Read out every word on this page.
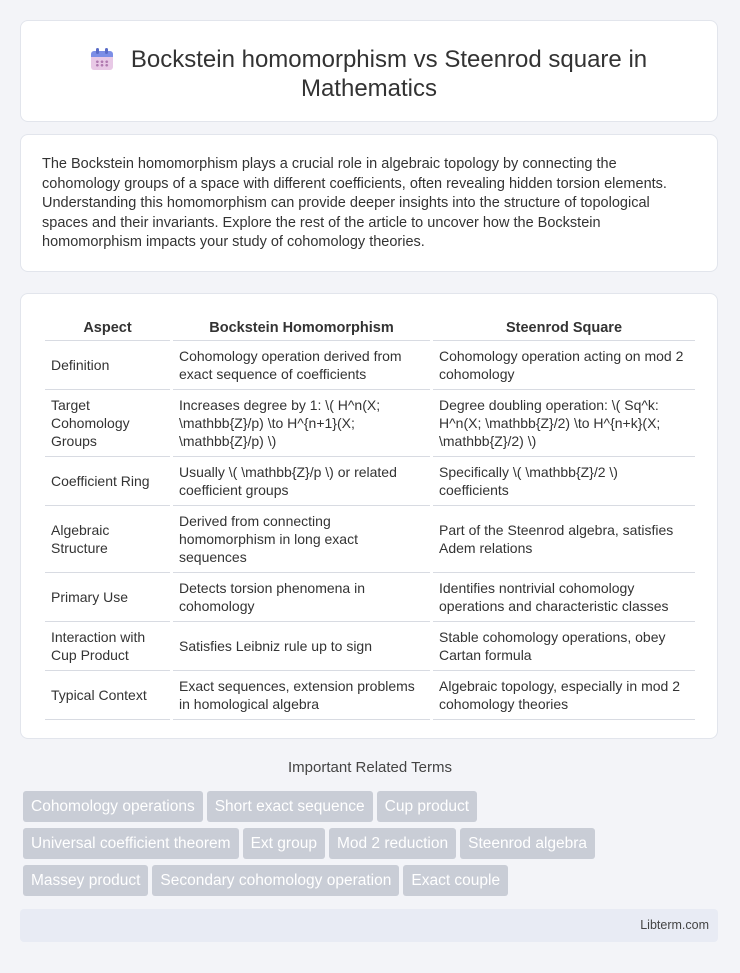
Bockstein homomorphism vs Steenrod square in
Mathematics

The Bockstein homomorphism plays a crucial role in algebraic topology by connecting the cohomology groups of a space with different coefficients, often revealing hidden torsion elements. Understanding this homomorphism can provide deeper insights into the structure of topological spaces and their invariants. Explore the rest of the article to uncover how the Bockstein homomorphism impacts your study of cohomology theories.

Aspect	Bockstein Homomorphism	Steenrod Square
Definition	Cohomology operation derived from exact sequence of coefficients	Cohomology operation acting on mod 2 cohomology
Target Cohomology Groups	Increases degree by 1: \( H^n(X; \mathbb{Z}/p) \to H^{n+1}(X; \mathbb{Z}/p) \)	Degree doubling operation: \( Sq^k: H^n(X; \mathbb{Z}/2) \to H^{n+k}(X; \mathbb{Z}/2) \)
Coefficient Ring	Usually \( \mathbb{Z}/p \) or related coefficient groups	Specifically \( \mathbb{Z}/2 \) coefficients
Algebraic Structure	Derived from connecting homomorphism in long exact sequences	Part of the Steenrod algebra, satisfies Adem relations
Primary Use	Detects torsion phenomena in cohomology	Identifies nontrivial cohomology operations and characteristic classes
Interaction with Cup Product	Satisfies Leibniz rule up to sign	Stable cohomology operations, obey Cartan formula
Typical Context	Exact sequences, extension problems in homological algebra	Algebraic topology, especially in mod 2 cohomology theories
Important Related Terms
Cohomology operations Short exact sequence Cup product
Universal coefficient theorem Ext group Mod 2 reduction Steenrod algebra
Massey product Secondary cohomology operation Exact couple
Libterm.com
